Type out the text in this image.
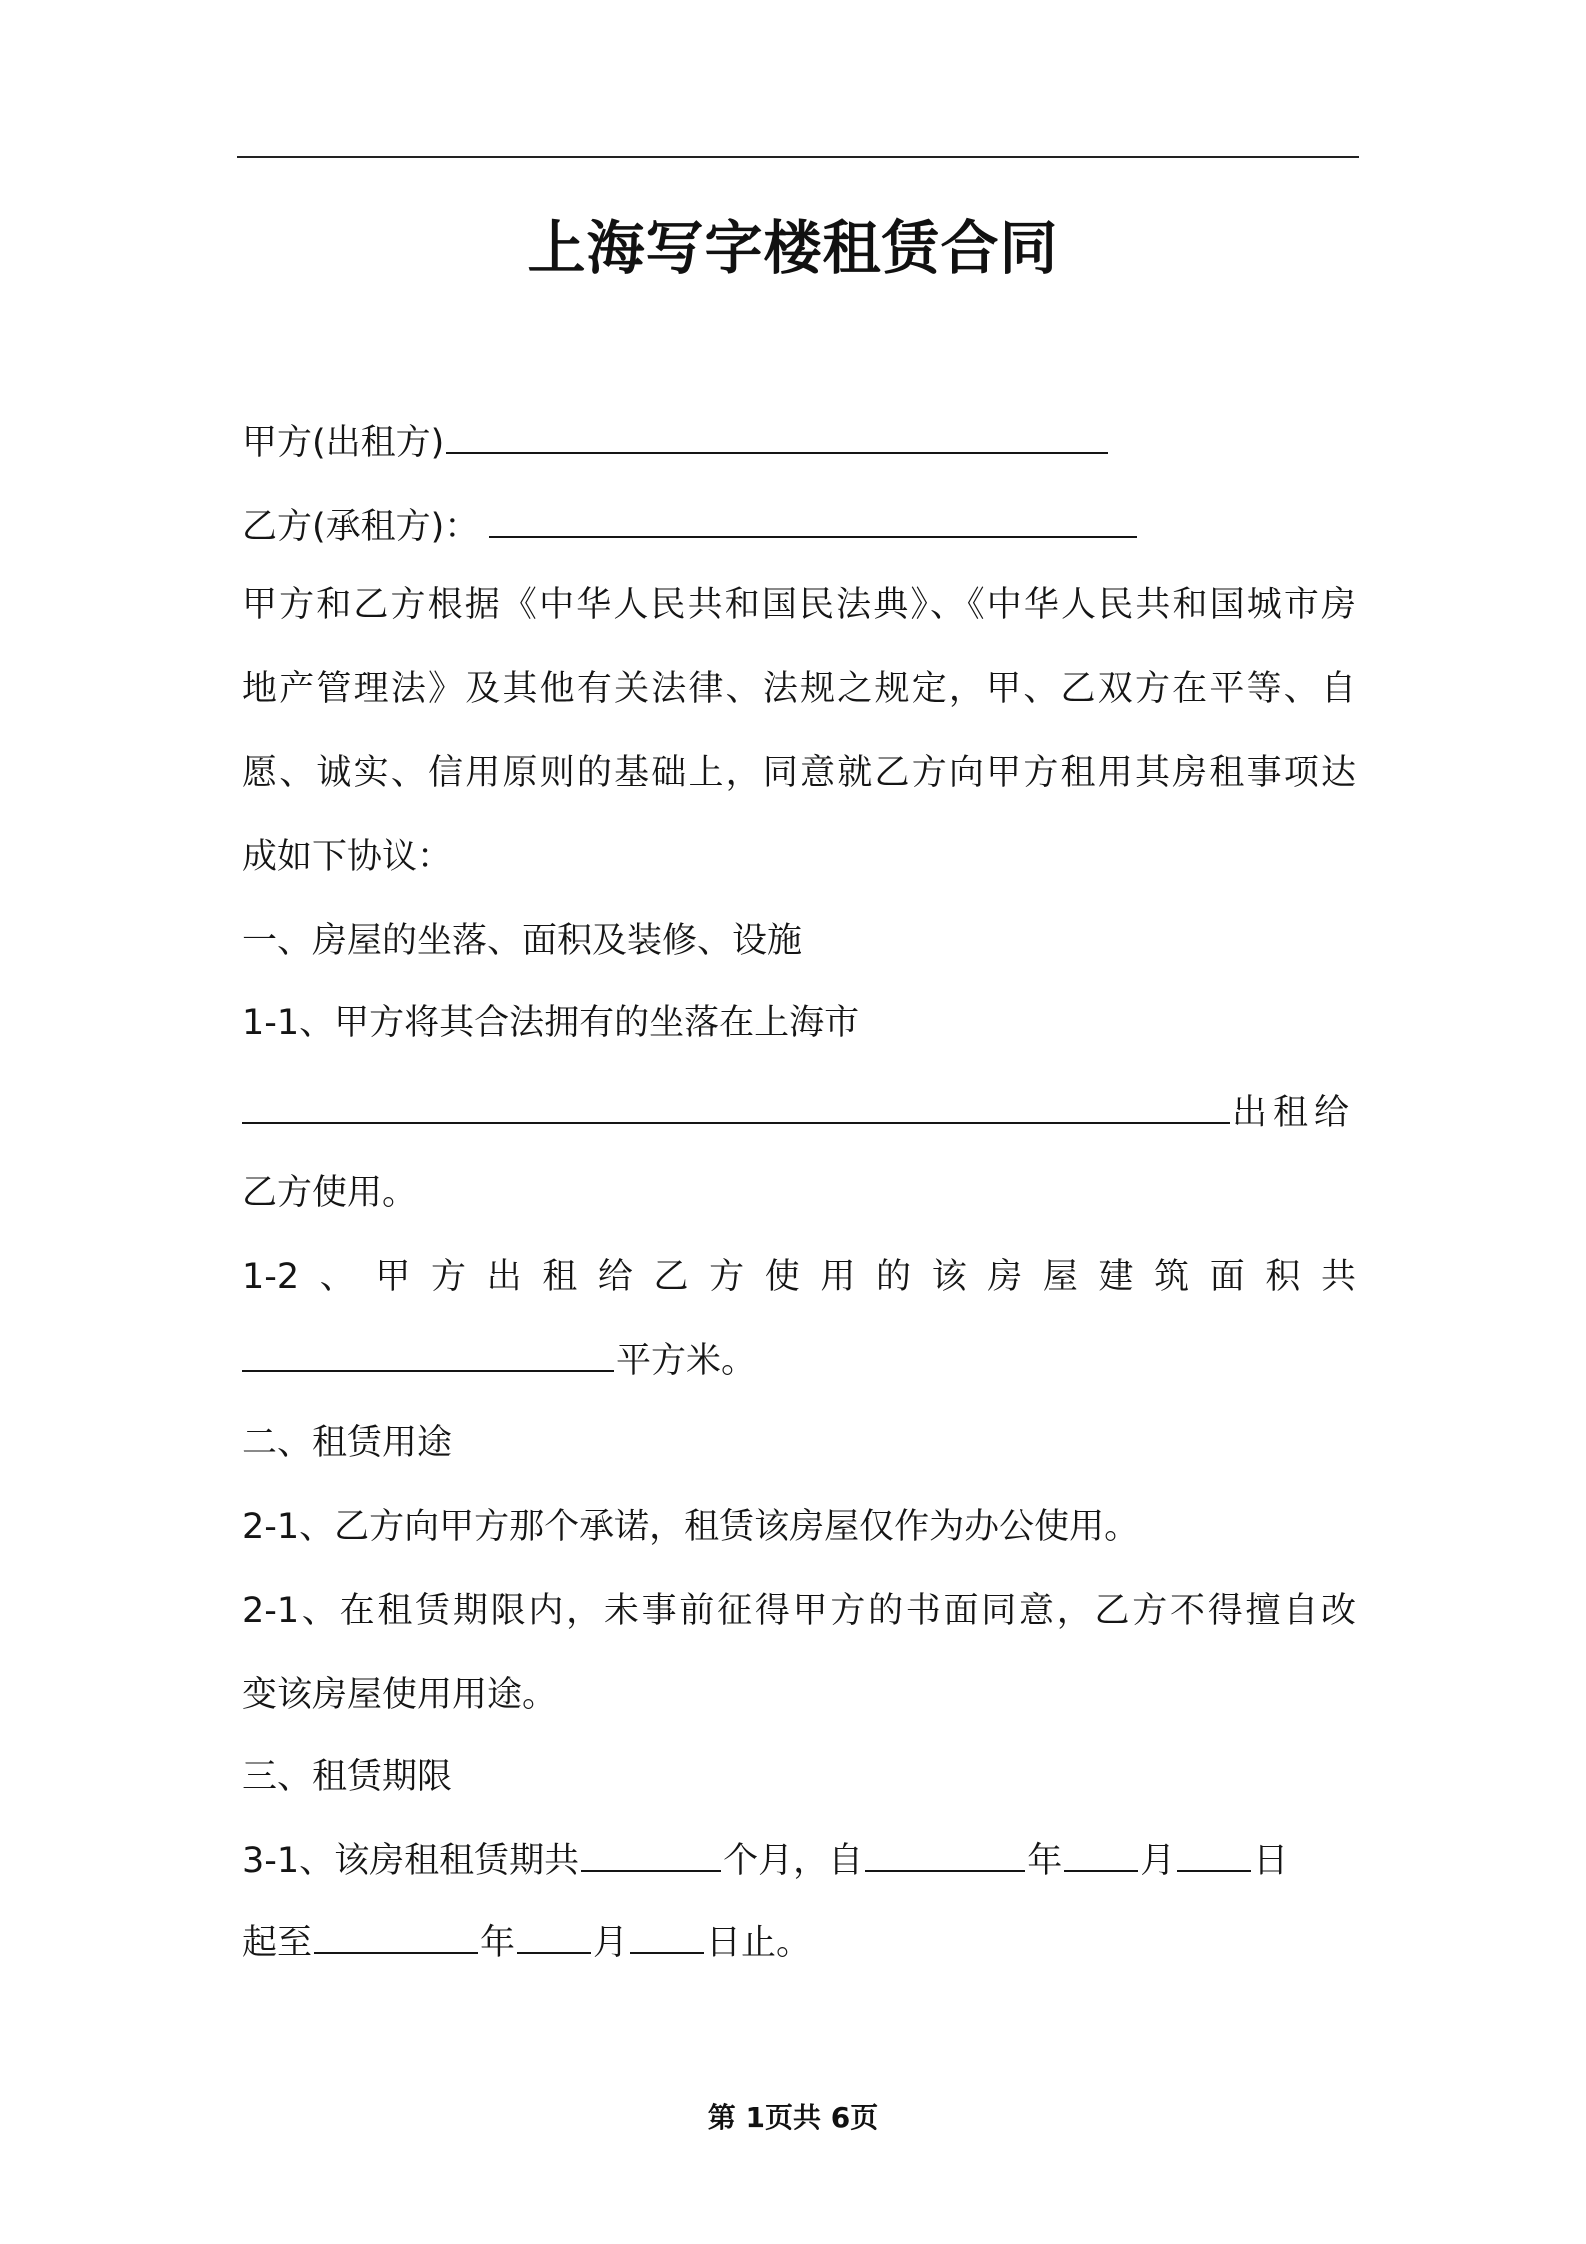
上海写字楼租赁合同
甲方(出租方)
乙方(承租方)：
甲方和乙方根据《中华人民共和国民法典》、《中华人民共和国城市房
地产管理法》及其他有关法律、法规之规定，甲、乙双方在平等、自
愿、诚实、信用原则的基础上，同意就乙方向甲方租用其房租事项达
成如下协议：
一、房屋的坐落、面积及装修、设施
1-1、甲方将其合法拥有的坐落在上海市
出租给
乙方使用。
1-2、甲方出租给乙方使用的该房屋建筑面积共
平方米。
二、租赁用途
2-1、乙方向甲方那个承诺，租赁该房屋仅作为办公使用。
2-1、在租赁期限内，未事前征得甲方的书面同意，乙方不得擅自改
变该房屋使用用途。
三、租赁期限
3-1、该房租租赁期共	个月，自	年 月 日
起至	年 月 日止。
第 1页共 6页
